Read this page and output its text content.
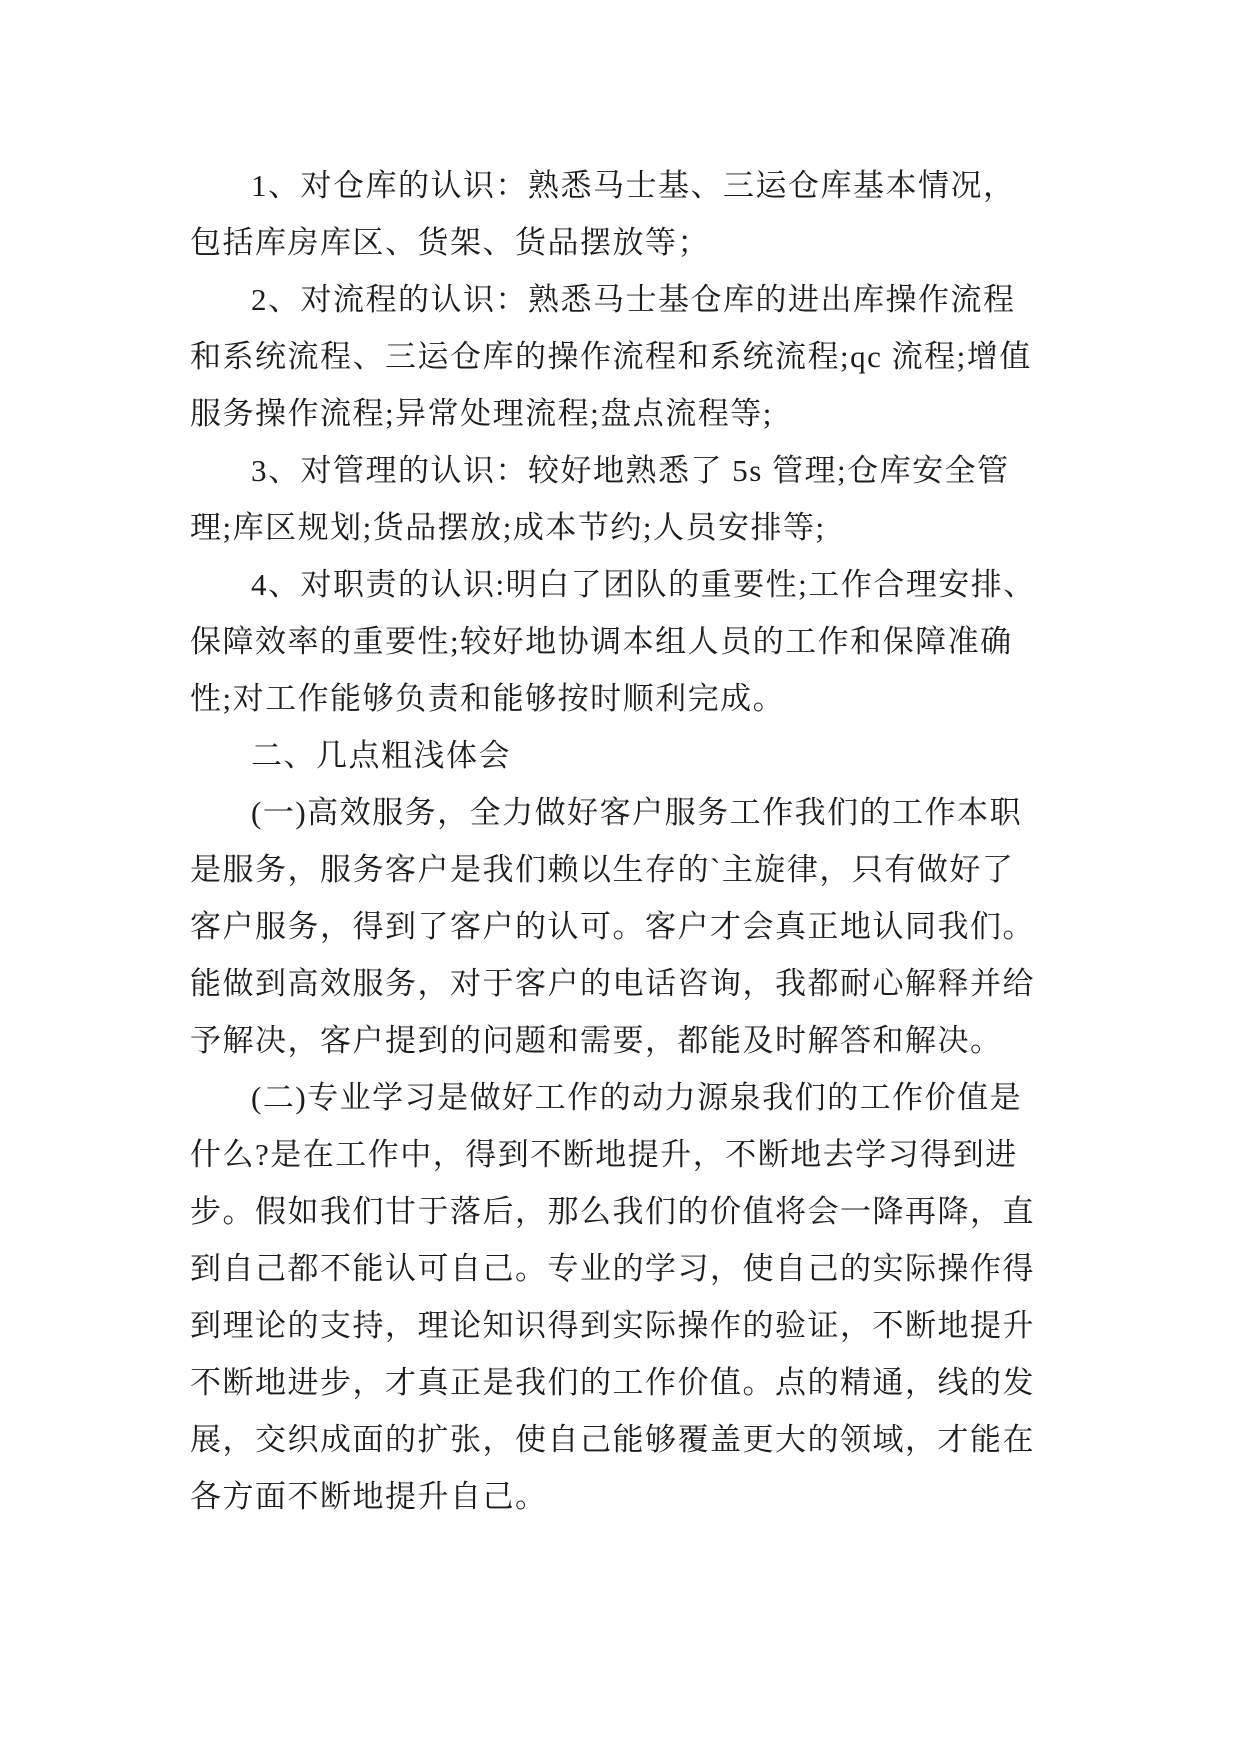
1、对仓库的认识：熟悉马士基、三运仓库基本情况，
包括库房库区、货架、货品摆放等；
2、对流程的认识：熟悉马士基仓库的进出库操作流程
和系统流程、三运仓库的操作流程和系统流程;qc 流程;增值
服务操作流程;异常处理流程;盘点流程等;
3、对管理的认识：较好地熟悉了 5s 管理;仓库安全管
理;库区规划;货品摆放;成本节约;人员安排等;
4、对职责的认识:明白了团队的重要性;工作合理安排、
保障效率的重要性;较好地协调本组人员的工作和保障准确
性;对工作能够负责和能够按时顺利完成。
二、几点粗浅体会
(一)高效服务，全力做好客户服务工作我们的工作本职
是服务，服务客户是我们赖以生存的`主旋律，只有做好了
客户服务，得到了客户的认可。客户才会真正地认同我们。
能做到高效服务，对于客户的电话咨询，我都耐心解释并给
予解决，客户提到的问题和需要，都能及时解答和解决。
(二)专业学习是做好工作的动力源泉我们的工作价值是
什么?是在工作中，得到不断地提升，不断地去学习得到进
步。假如我们甘于落后，那么我们的价值将会一降再降，直
到自己都不能认可自己。专业的学习，使自己的实际操作得
到理论的支持，理论知识得到实际操作的验证，不断地提升
不断地进步，才真正是我们的工作价值。点的精通，线的发
展，交织成面的扩张，使自己能够覆盖更大的领域，才能在
各方面不断地提升自己。
